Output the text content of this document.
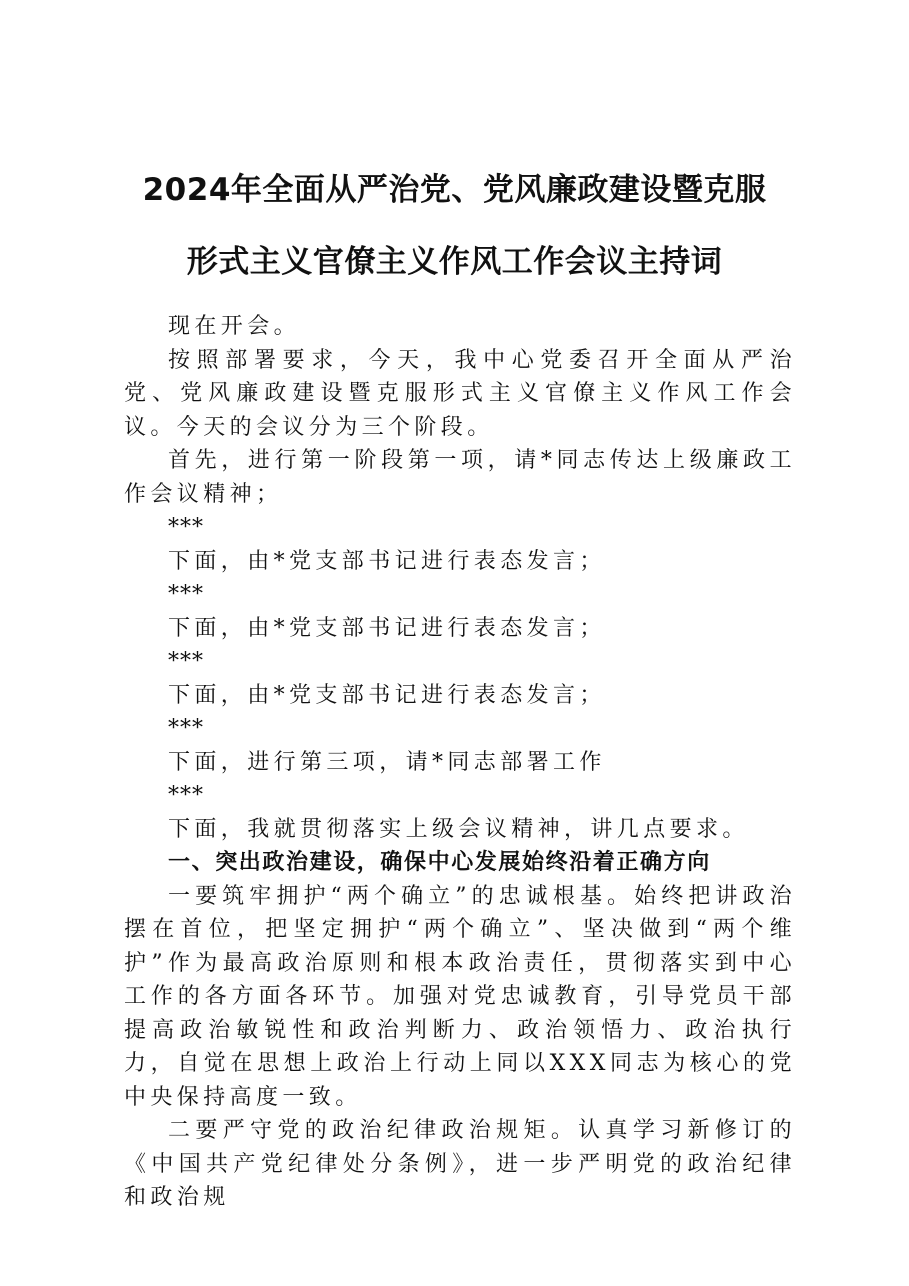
2024年全面从严治党、党风廉政建设暨克服
形式主义官僚主义作风工作会议主持词

现在开会。

按照部署要求，今天，我中心党委召开全面从严治党、党风廉政建设暨克服形式主义官僚主义作风工作会议。今天的会议分为三个阶段。

首先，进行第一阶段第一项，请*同志传达上级廉政工作会议精神；

***

下面，由*党支部书记进行表态发言；

***

下面，由*党支部书记进行表态发言；

***

下面，由*党支部书记进行表态发言；

***

下面，进行第三项，请*同志部署工作

***

下面，我就贯彻落实上级会议精神，讲几点要求。

一、突出政治建设，确保中心发展始终沿着正确方向

一要筑牢拥护“两个确立”的忠诚根基。始终把讲政治摆在首位，把坚定拥护“两个确立”、坚决做到“两个维护”作为最高政治原则和根本政治责任，贯彻落实到中心工作的各方面各环节。加强对党忠诚教育，引导党员干部提高政治敏锐性和政治判断力、政治领悟力、政治执行力，自觉在思想上政治上行动上同以XXX同志为核心的党中央保持高度一致。

二要严守党的政治纪律政治规矩。认真学习新修订的《中国共产党纪律处分条例》，进一步严明党的政治纪律和政治规
